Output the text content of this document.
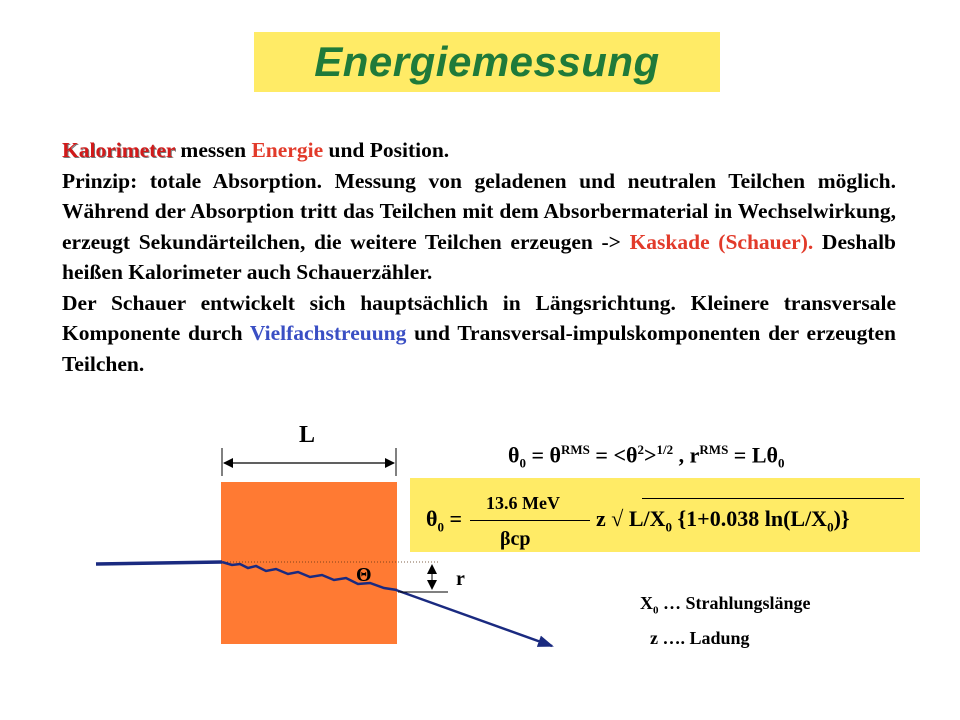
Energiemessung

Kalorimeter messen Energie und Position.

Prinzip: totale Absorption. Messung von geladenen und neutralen Teilchen möglich. Während der Absorption tritt das Teilchen mit dem Absorbermaterial in Wechselwirkung, erzeugt Sekundärteilchen, die weitere Teilchen erzeugen -> Kaskade (Schauer). Deshalb heißen Kalorimeter auch Schauerzähler.

Der Schauer entwickelt sich hauptsächlich in Längsrichtung. Kleinere transversale Komponente durch Vielfachstreuung und Transversal-impulskomponenten der erzeugten Teilchen.

L
Θ	r
$\theta_0 = \theta^{RMS} = <\theta^2>^{1/2}$ , $r^{RMS} = L\theta_0$
$\theta_0$ =
13.6 MeV
βcp
z √ $L/X_0$ {1+0.038 $\ln(L/X_0)$}
$X_0$ … Strahlungslänge
z …. Ladung
